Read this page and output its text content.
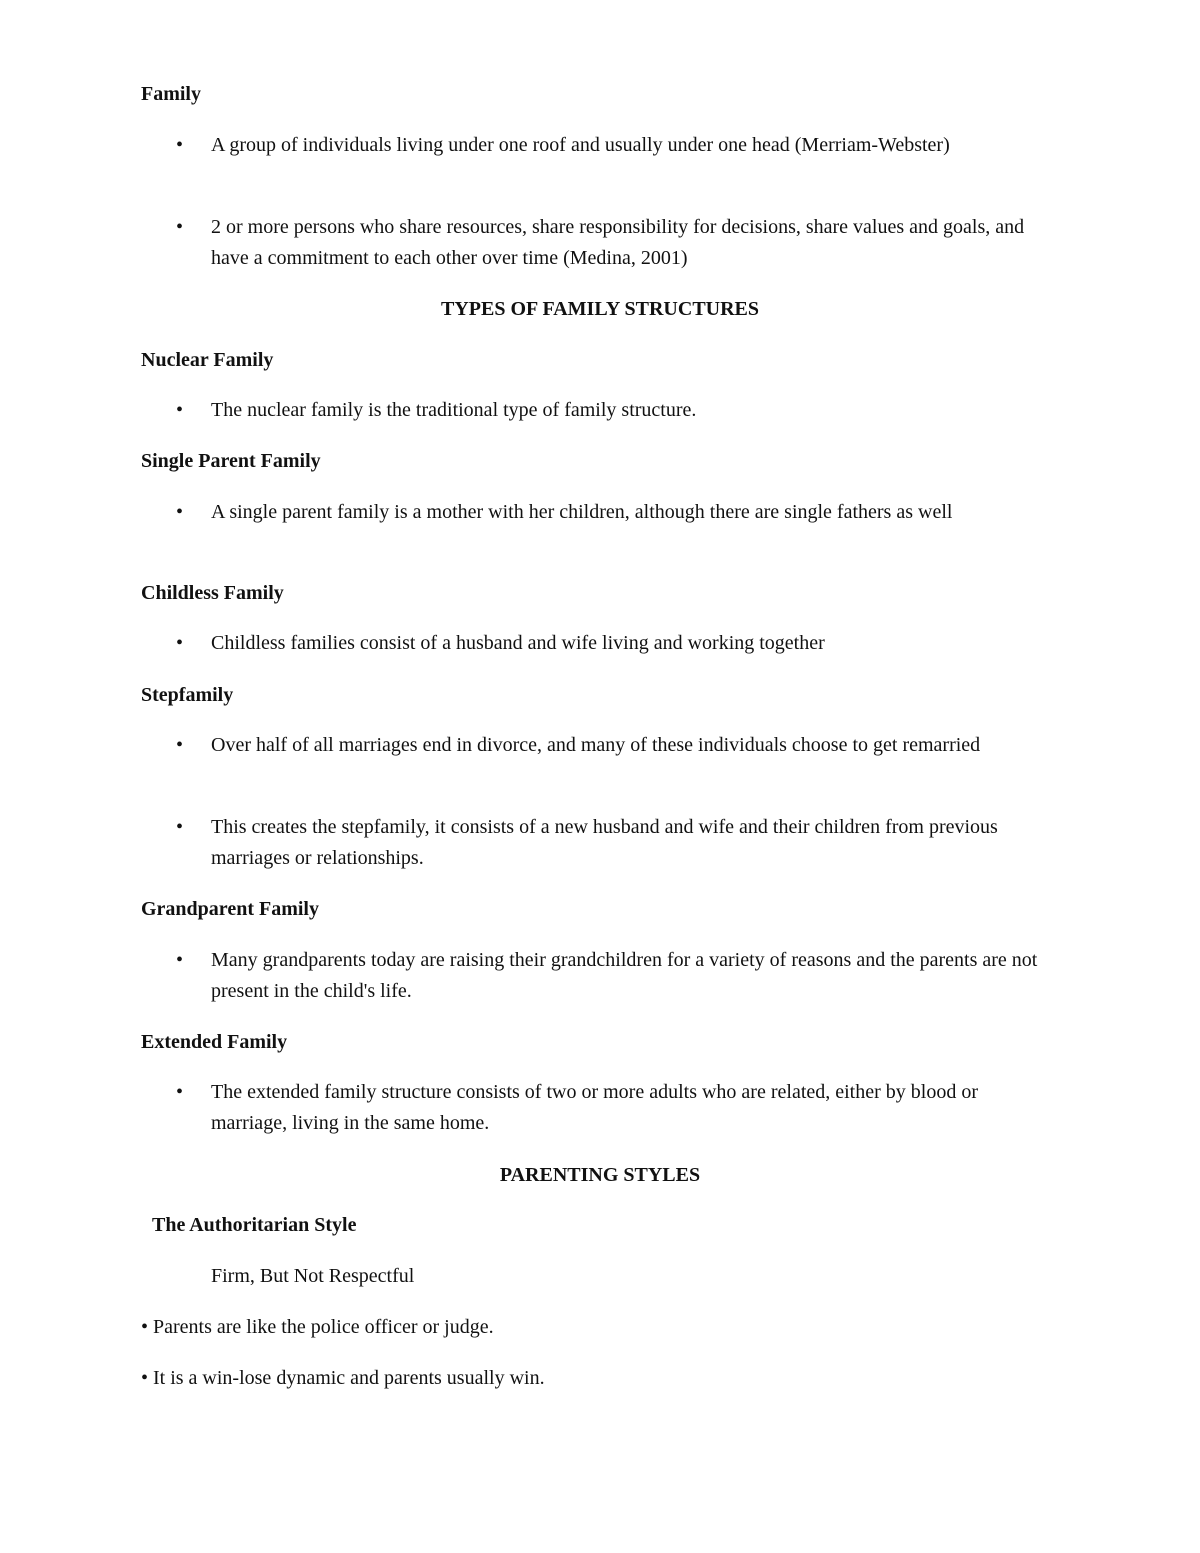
Family

• A group of individuals living under one roof and usually under one head (Merriam-Webster)
• 2 or more persons who share resources, share responsibility for decisions, share values and goals, and have a commitment to each other over time (Medina, 2001)

TYPES OF FAMILY STRUCTURES

Nuclear Family

• The nuclear family is the traditional type of family structure.

Single Parent Family

• A single parent family is a mother with her children, although there are single fathers as well

Childless Family

• Childless families consist of a husband and wife living and working together

Stepfamily

• Over half of all marriages end in divorce, and many of these individuals choose to get remarried
• This creates the stepfamily, it consists of a new husband and wife and their children from previous marriages or relationships.

Grandparent Family

• Many grandparents today are raising their grandchildren for a variety of reasons and the parents are not present in the child's life.

Extended Family

• The extended family structure consists of two or more adults who are related, either by blood or marriage, living in the same home.

PARENTING STYLES

The Authoritarian Style

Firm, But Not Respectful

• Parents are like the police officer or judge.

• It is a win-lose dynamic and parents usually win.
